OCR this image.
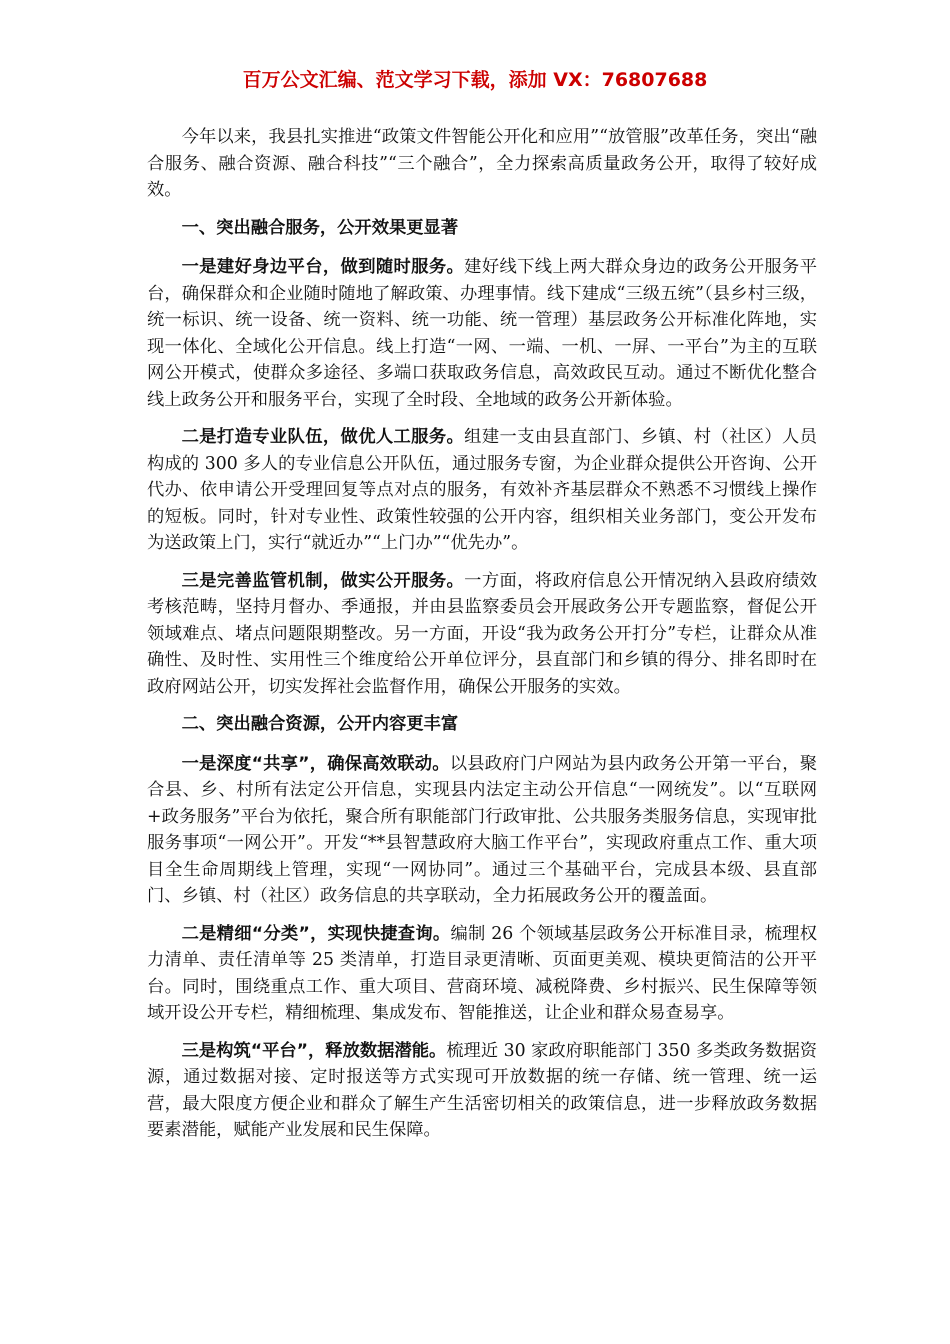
百万公文汇编、范文学习下载，添加 VX：76807688

今年以来，我县扎实推进“政策文件智能公开化和应用”“放管服”改革任务，突出“融合服务、融合资源、融合科技”“三个融合”，全力探索高质量政务公开，取得了较好成效。

一、突出融合服务，公开效果更显著

一是建好身边平台，做到随时服务。建好线下线上两大群众身边的政务公开服务平台，确保群众和企业随时随地了解政策、办理事情。线下建成“三级五统”（县乡村三级，统一标识、统一设备、统一资料、统一功能、统一管理）基层政务公开标准化阵地，实现一体化、全域化公开信息。线上打造“一网、一端、一机、一屏、一平台”为主的互联网公开模式，使群众多途径、多端口获取政务信息，高效政民互动。通过不断优化整合线上政务公开和服务平台，实现了全时段、全地域的政务公开新体验。

二是打造专业队伍，做优人工服务。组建一支由县直部门、乡镇、村（社区）人员构成的 300 多人的专业信息公开队伍，通过服务专窗，为企业群众提供公开咨询、公开代办、依申请公开受理回复等点对点的服务，有效补齐基层群众不熟悉不习惯线上操作的短板。同时，针对专业性、政策性较强的公开内容，组织相关业务部门，变公开发布为送政策上门，实行“就近办”“上门办”“优先办”。

三是完善监管机制，做实公开服务。一方面，将政府信息公开情况纳入县政府绩效考核范畴，坚持月督办、季通报，并由县监察委员会开展政务公开专题监察，督促公开领域难点、堵点问题限期整改。另一方面，开设“我为政务公开打分”专栏，让群众从准确性、及时性、实用性三个维度给公开单位评分，县直部门和乡镇的得分、排名即时在政府网站公开，切实发挥社会监督作用，确保公开服务的实效。

二、突出融合资源，公开内容更丰富

一是深度“共享”，确保高效联动。以县政府门户网站为县内政务公开第一平台，聚合县、乡、村所有法定公开信息，实现县内法定主动公开信息“一网统发”。以“互联网+政务服务”平台为依托，聚合所有职能部门行政审批、公共服务类服务信息，实现审批服务事项“一网公开”。开发“**县智慧政府大脑工作平台”，实现政府重点工作、重大项目全生命周期线上管理，实现“一网协同”。通过三个基础平台，完成县本级、县直部门、乡镇、村（社区）政务信息的共享联动，全力拓展政务公开的覆盖面。

二是精细“分类”，实现快捷查询。编制 26 个领域基层政务公开标准目录，梳理权力清单、责任清单等 25 类清单，打造目录更清晰、页面更美观、模块更简洁的公开平台。同时，围绕重点工作、重大项目、营商环境、减税降费、乡村振兴、民生保障等领域开设公开专栏，精细梳理、集成发布、智能推送，让企业和群众易查易享。

三是构筑“平台”，释放数据潜能。梳理近 30 家政府职能部门 350 多类政务数据资源，通过数据对接、定时报送等方式实现可开放数据的统一存储、统一管理、统一运营，最大限度方便企业和群众了解生产生活密切相关的政策信息，进一步释放政务数据要素潜能，赋能产业发展和民生保障。
